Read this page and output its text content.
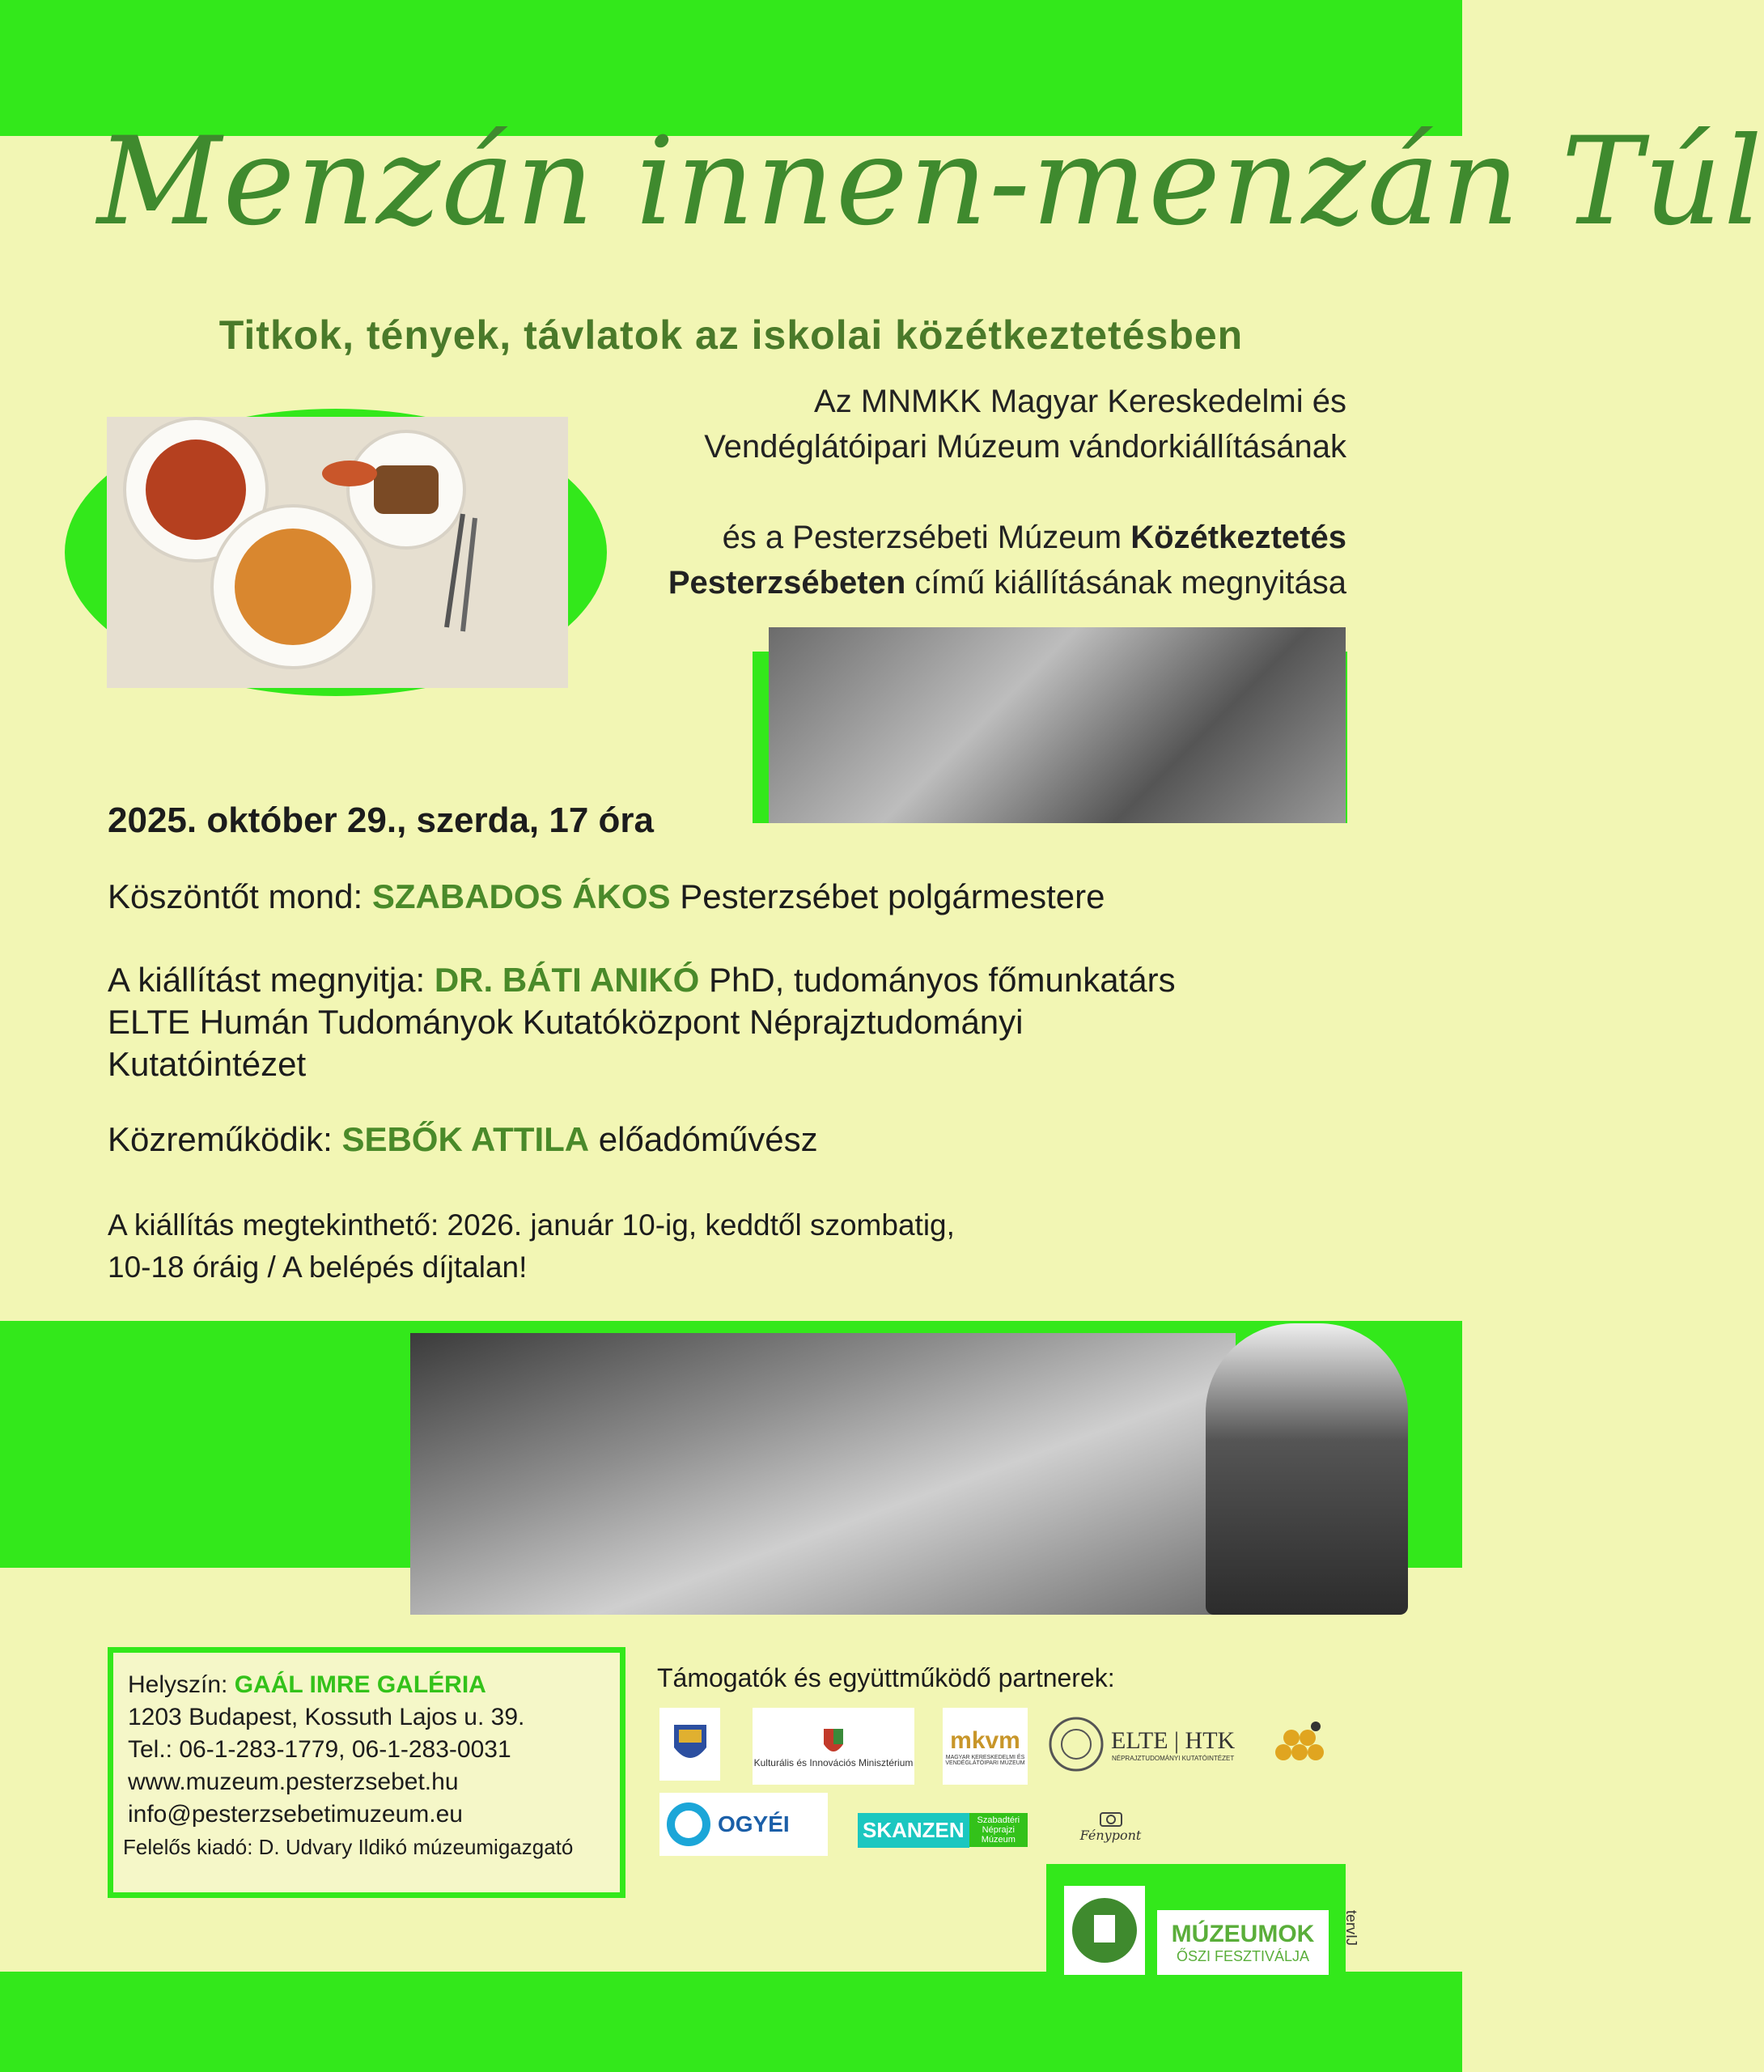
Menzán innen-menzán Túl
Titkok, tények, távlatok az iskolai közétkeztetésben
Az MNMKK Magyar Kereskedelmi és
Vendéglátóipari Múzeum vándorkiállításának
és a Pesterzsébeti Múzeum Közétkeztetés
Pesterzsébeten című kiállításának megnyitása
2025. október 29., szerda, 17 óra
Köszöntőt mond: SZABADOS ÁKOS Pesterzsébet polgármestere
A kiállítást megnyitja: DR. BÁTI ANIKÓ PhD, tudományos főmunkatárs
ELTE Humán Tudományok Kutatóközpont Néprajztudományi
Kutatóintézet
Közreműködik: SEBŐK ATTILA előadóművész
A kiállítás megtekinthető: 2026. január 10-ig, keddtől szombatig,
10-18 óráig / A belépés díjtalan!
Helyszín: GAÁL IMRE GALÉRIA
1203 Budapest, Kossuth Lajos u. 39.
Tel.: 06-1-283-1779, 06-1-283-0031
www.muzeum.pesterzsebet.hu
info@pesterzsebetimuzeum.eu
Felelős kiadó: D. Udvary Ildikó múzeumigazgató
Támogatók és együttműködő partnerek:
Kulturális és Innovációs Minisztérium
mkvm
MAGYAR KERESKEDELMI ÉS VENDÉGLÁTÓIPARI MÚZEUM
ELTE | HTK
NÉPRAJZTUDOMÁNYI KUTATÓINTÉZET
OGYÉI	SKANZEN	Szabadtéri Néprajzi Múzeum	Fénypont
MÚZEUMOK
ŐSZI FESZTIVÁLJA
tervIJ
